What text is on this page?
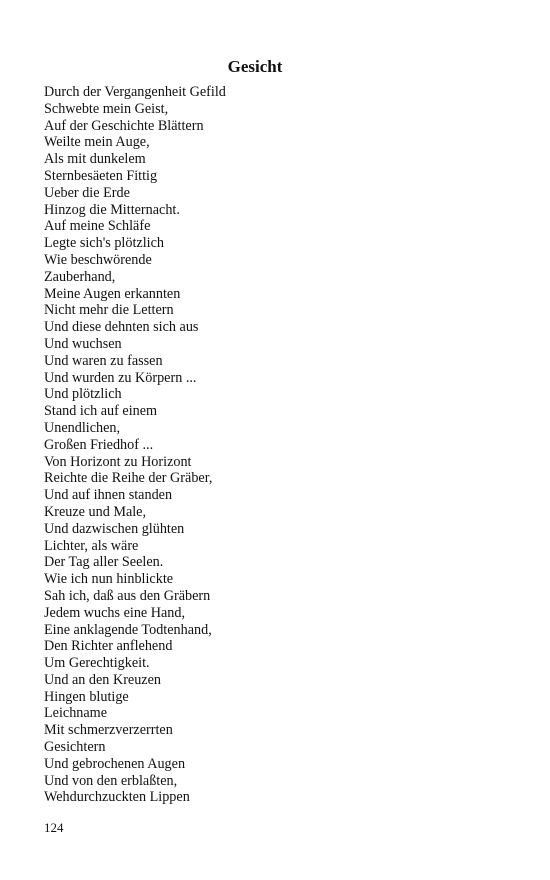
Gesicht
Durch der Vergangenheit Gefild
Schwebte mein Geist,
Auf der Geschichte Blättern
Weilte mein Auge,
Als mit dunkelem
Sternbesäeten Fittig
Ueber die Erde
Hinzog die Mitternacht.
Auf meine Schläfe
Legte sich's plötzlich
Wie beschwörende
Zauberhand,
Meine Augen erkannten
Nicht mehr die Lettern
Und diese dehnten sich aus
Und wuchsen
Und waren zu fassen
Und wurden zu Körpern ...
Und plötzlich
Stand ich auf einem
Unendlichen,
Großen Friedhof ...
Von Horizont zu Horizont
Reichte die Reihe der Gräber,
Und auf ihnen standen
Kreuze und Male,
Und dazwischen glühten
Lichter, als wäre
Der Tag aller Seelen.
Wie ich nun hinblickte
Sah ich, daß aus den Gräbern
Jedem wuchs eine Hand,
Eine anklagende Todtenhand,
Den Richter anflehend
Um Gerechtigkeit.
Und an den Kreuzen
Hingen blutige
Leichname
Mit schmerzverzerrten
Gesichtern
Und gebrochenen Augen
Und von den erblaßten,
Wehdurchzuckten Lippen
124
